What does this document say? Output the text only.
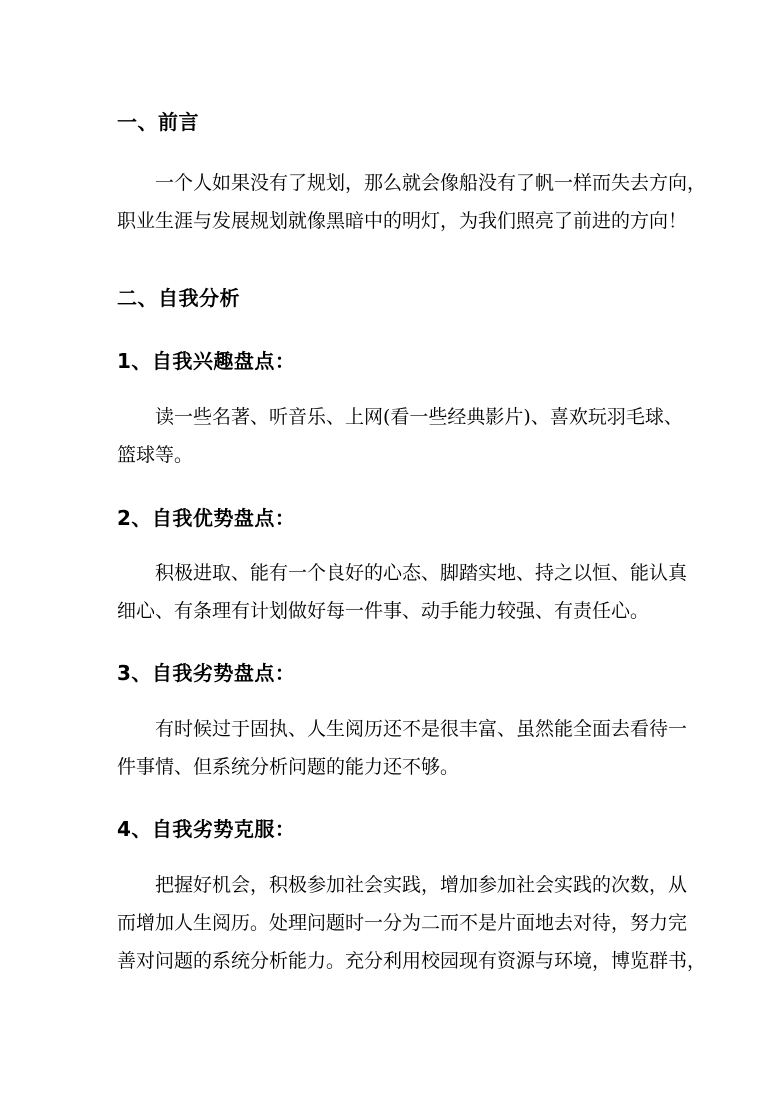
一、前言
一个人如果没有了规划，那么就会像船没有了帆一样而失去方向，
职业生涯与发展规划就像黑暗中的明灯，为我们照亮了前进的方向！
二、自我分析
1、自我兴趣盘点：
读一些名著、听音乐、上网(看一些经典影片)、喜欢玩羽毛球、
篮球等。
2、自我优势盘点：
积极进取、能有一个良好的心态、脚踏实地、持之以恒、能认真
细心、有条理有计划做好每一件事、动手能力较强、有责任心。
3、自我劣势盘点：
有时候过于固执、人生阅历还不是很丰富、虽然能全面去看待一
件事情、但系统分析问题的能力还不够。
4、自我劣势克服：
把握好机会，积极参加社会实践，增加参加社会实践的次数，从
而增加人生阅历。处理问题时一分为二而不是片面地去对待，努力完
善对问题的系统分析能力。充分利用校园现有资源与环境，博览群书，
